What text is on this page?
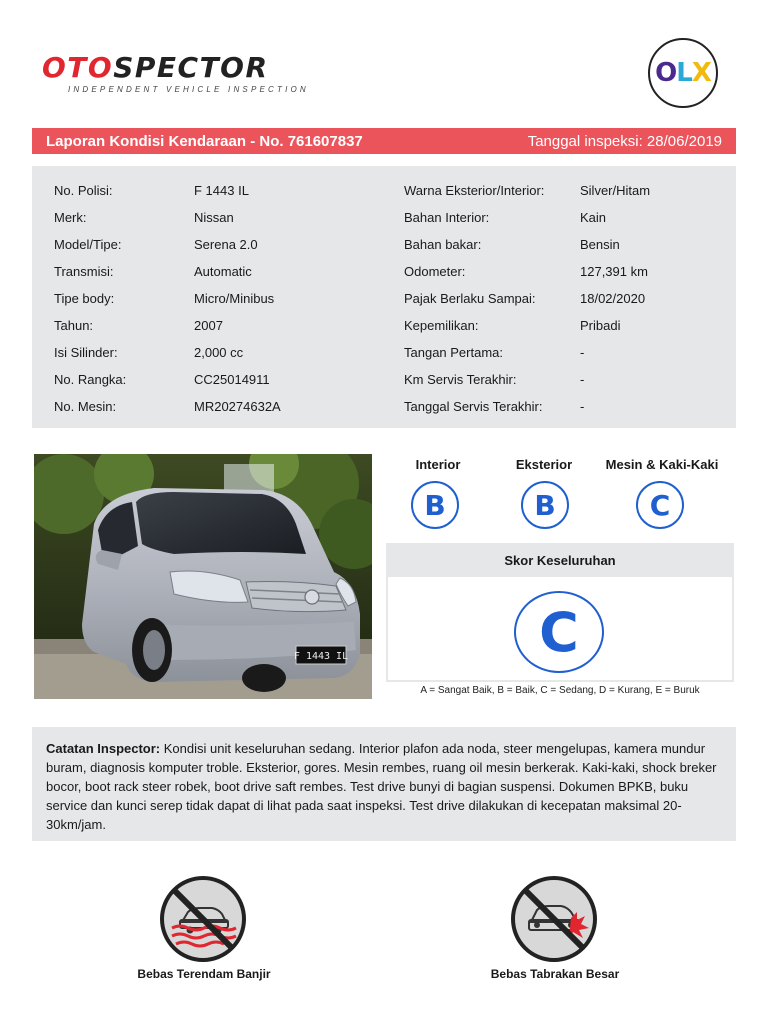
OTOSPECTOR
INDEPENDENT VEHICLE INSPECTION
OLX
Laporan Kondisi Kendaraan - No. 761607837	Tanggal inspeksi: 28/06/2019
No. Polisi:	F 1443 IL
Merk:	Nissan
Model/Tipe:	Serena 2.0
Transmisi:	Automatic
Tipe body:	Micro/Minibus
Tahun:	2007
Isi Silinder:	2,000 cc
No. Rangka:	CC25014911
No. Mesin:	MR20274632A
Warna Eksterior/Interior:	Silver/Hitam
Bahan Interior:	Kain
Bahan bakar:	Bensin
Odometer:	127,391 km
Pajak Berlaku Sampai:	18/02/2020
Kepemilikan:	Pribadi
Tangan Pertama:	-
Km Servis Terakhir:	-
Tanggal Servis Terakhir:	-
F 1443 IL
Interior
B
Eksterior
B
Mesin & Kaki-Kaki
C
Skor Keseluruhan
C
A = Sangat Baik, B = Baik, C = Sedang, D = Kurang, E = Buruk
Catatan Inspector: Kondisi unit keseluruhan sedang. Interior plafon ada noda, steer mengelupas, kamera mundur buram, diagnosis komputer troble. Eksterior, gores. Mesin rembes, ruang oil mesin berkerak. Kaki-kaki, shock breker bocor, boot rack steer robek, boot drive saft rembes. Test drive bunyi di bagian suspensi. Dokumen BPKB, buku service dan kunci serep tidak dapat di lihat pada saat inspeksi. Test drive dilakukan di kecepatan maksimal 20-30km/jam.
Bebas Terendam Banjir	Bebas Tabrakan Besar
